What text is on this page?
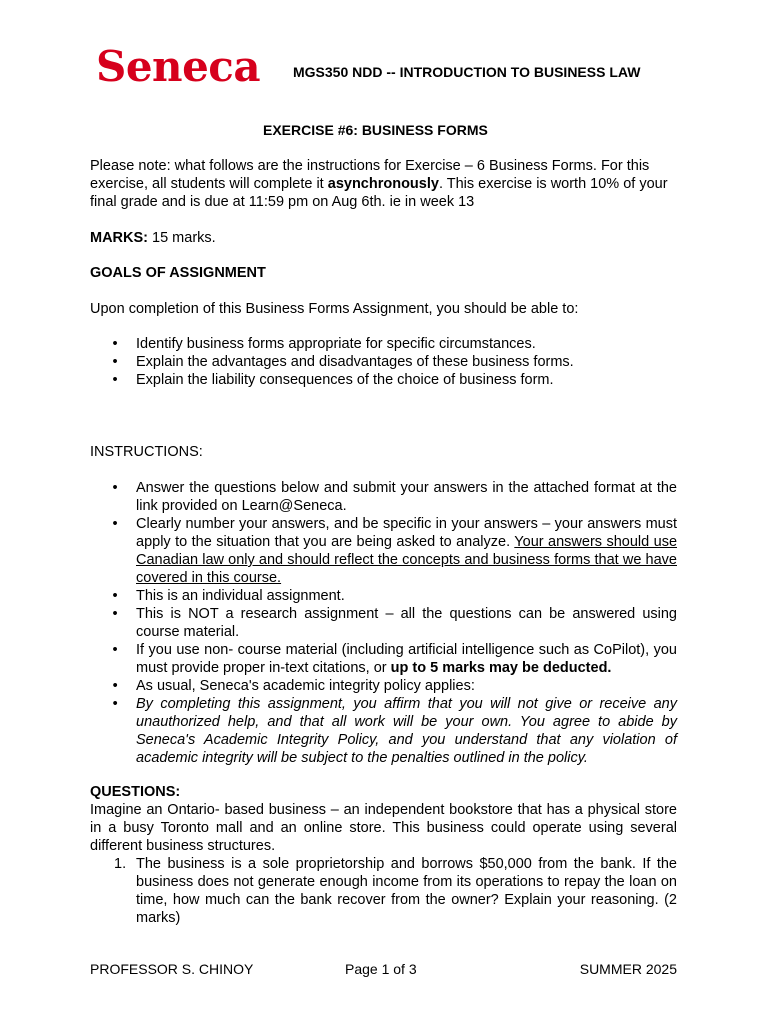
Seneca MGS350 NDD -- INTRODUCTION TO BUSINESS LAW
EXERCISE #6: BUSINESS FORMS

Please note: what follows are the instructions for Exercise – 6 Business Forms. For this exercise, all students will complete it asynchronously. This exercise is worth 10% of your final grade and is due at 11:59 pm on Aug 6th. ie in week 13

MARKS: 15 marks.

GOALS OF ASSIGNMENT
Upon completion of this Business Forms Assignment, you should be able to:
• Identify business forms appropriate for specific circumstances.
• Explain the advantages and disadvantages of these business forms.
• Explain the liability consequences of the choice of business form.
INSTRUCTIONS:
• Answer the questions below and submit your answers in the attached format at the link provided on Learn@Seneca.
• Clearly number your answers, and be specific in your answers – your answers must apply to the situation that you are being asked to analyze. Your answers should use Canadian law only and should reflect the concepts and business forms that we have covered in this course.
• This is an individual assignment.
• This is NOT a research assignment – all the questions can be answered using course material.
• If you use non- course material (including artificial intelligence such as CoPilot), you must provide proper in-text citations, or up to 5 marks may be deducted.
• As usual, Seneca's academic integrity policy applies:
• By completing this assignment, you affirm that you will not give or receive any unauthorized help, and that all work will be your own. You agree to abide by Seneca's Academic Integrity Policy, and you understand that any violation of academic integrity will be subject to the penalties outlined in the policy.

QUESTIONS:

Imagine an Ontario- based business – an independent bookstore that has a physical store in a busy Toronto mall and an online store. This business could operate using several different business structures.

1. The business is a sole proprietorship and borrows $50,000 from the bank. If the business does not generate enough income from its operations to repay the loan on time, how much can the bank recover from the owner? Explain your reasoning. (2 marks)
PROFESSOR S. CHINOY	Page 1 of 3	SUMMER 2025
